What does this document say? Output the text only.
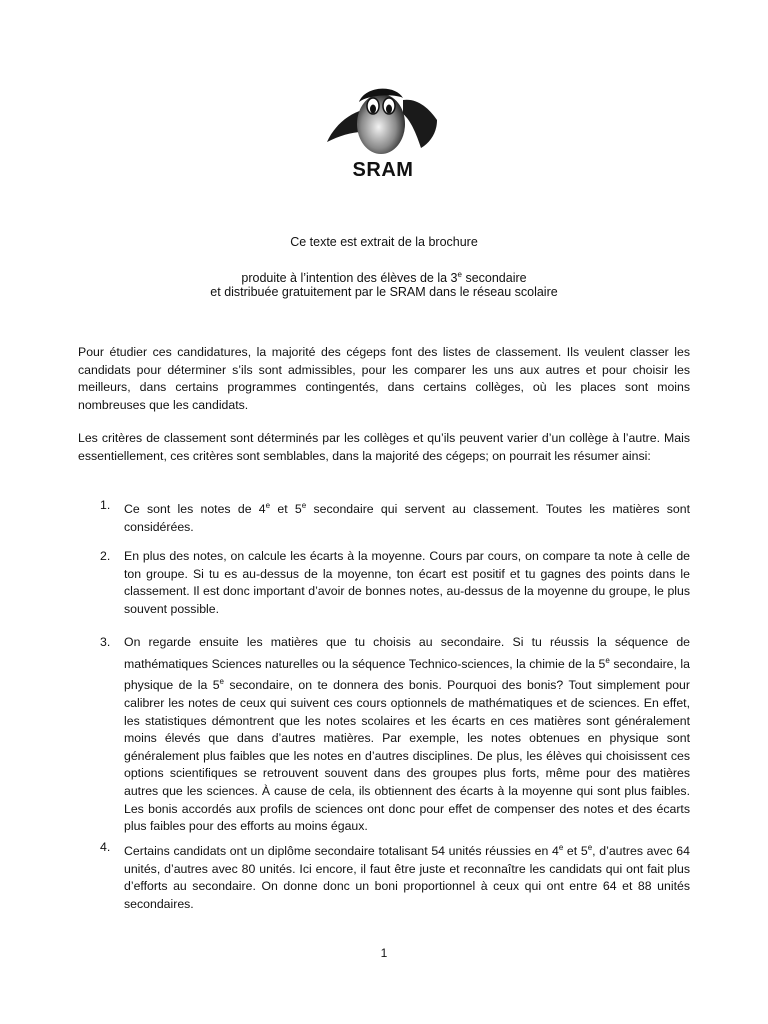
SRAM
Ce texte est extrait de la brochure
produite à l’intention des élèves de la 3e secondaire
et distribuée gratuitement par le SRAM dans le réseau scolaire
Pour étudier ces candidatures, la majorité des cégeps font des listes de classement. Ils veulent classer les candidats pour déterminer s’ils sont admissibles, pour les comparer les uns aux autres et pour choisir les meilleurs, dans certains programmes contingentés, dans certains collèges, où les places sont moins nombreuses que les candidats.
Les critères de classement sont déterminés par les collèges et qu’ils peuvent varier d’un collège à l’autre. Mais essentiellement, ces critères sont semblables, dans la majorité des cégeps; on pourrait les résumer ainsi:
1. Ce sont les notes de 4e et 5e secondaire qui servent au classement. Toutes les matières sont considérées.
2. En plus des notes, on calcule les écarts à la moyenne. Cours par cours, on compare ta note à celle de ton groupe. Si tu es au-dessus de la moyenne, ton écart est positif et tu gagnes des points dans le classement. Il est donc important d’avoir de bonnes notes, au-dessus de la moyenne du groupe, le plus souvent possible.
3. On regarde ensuite les matières que tu choisis au secondaire. Si tu réussis la séquence de mathématiques Sciences naturelles ou la séquence Technico-sciences, la chimie de la 5e secondaire, la physique de la 5e secondaire, on te donnera des bonis. Pourquoi des bonis? Tout simplement pour calibrer les notes de ceux qui suivent ces cours optionnels de mathématiques et de sciences. En effet, les statistiques démontrent que les notes scolaires et les écarts en ces matières sont généralement moins élevés que dans d’autres matières. Par exemple, les notes obtenues en physique sont généralement plus faibles que les notes en d’autres disciplines. De plus, les élèves qui choisissent ces options scientifiques se retrouvent souvent dans des groupes plus forts, même pour des matières autres que les sciences. À cause de cela, ils obtiennent des écarts à la moyenne qui sont plus faibles. Les bonis accordés aux profils de sciences ont donc pour effet de compenser des notes et des écarts plus faibles pour des efforts au moins égaux.
4. Certains candidats ont un diplôme secondaire totalisant 54 unités réussies en 4e et 5e, d’autres avec 64 unités, d’autres avec 80 unités. Ici encore, il faut être juste et reconnaître les candidats qui ont fait plus d’efforts au secondaire. On donne donc un boni proportionnel à ceux qui ont entre 64 et 88 unités secondaires.
1
